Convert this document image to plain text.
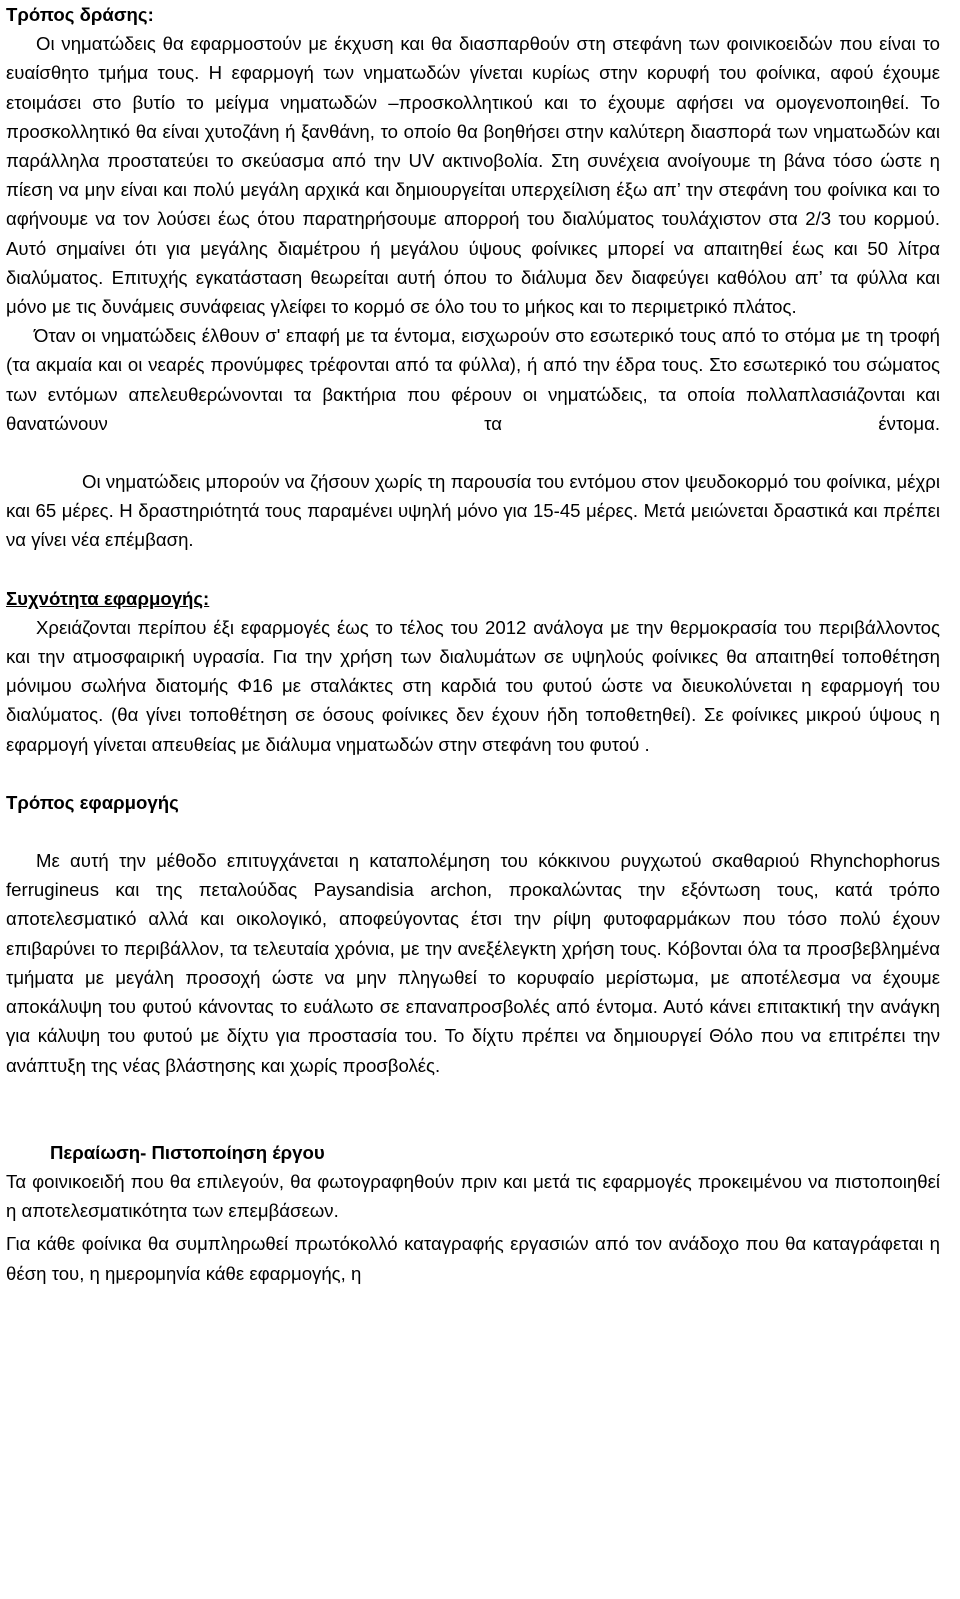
Τρόπος δράσης:

Οι νηματώδεις θα εφαρμοστούν με έκχυση και θα διασπαρθούν στη στεφάνη των φοινικοειδών που είναι το ευαίσθητο τμήμα τους. Η εφαρμογή των νηματωδών γίνεται κυρίως στην κορυφή του φοίνικα, αφού έχουμε ετοιμάσει στο βυτίο το μείγμα νηματωδών –προσκολλητικού και το έχουμε αφήσει να ομογενοποιηθεί. Το προσκολλητικό θα είναι χυτοζάνη ή ξανθάνη, το οποίο θα βοηθήσει στην καλύτερη διασπορά των νηματωδών και παράλληλα προστατεύει το σκεύασμα από την UV ακτινοβολία. Στη συνέχεια ανοίγουμε τη βάνα τόσο ώστε η πίεση να μην είναι και πολύ μεγάλη αρχικά και δημιουργείται υπερχείλιση έξω απ’ την στεφάνη του φοίνικα και το αφήνουμε να τον λούσει έως ότου παρατηρήσουμε απορροή του διαλύματος τουλάχιστον στα 2/3 του κορμού. Αυτό σημαίνει ότι για μεγάλης διαμέτρου ή μεγάλου ύψους φοίνικες μπορεί να απαιτηθεί έως και 50 λίτρα διαλύματος. Επιτυχής εγκατάσταση θεωρείται αυτή όπου το διάλυμα δεν διαφεύγει καθόλου απ’ τα φύλλα και μόνο με τις δυνάμεις συνάφειας γλείφει το κορμό σε όλο του το μήκος και το περιμετρικό πλάτος.

Όταν οι νηματώδεις έλθουν σ' επαφή με τα έντομα, εισχωρούν στο εσωτερικό τους από το στόμα με τη τροφή (τα ακμαία και οι νεαρές προνύμφες τρέφονται από τα φύλλα), ή από την έδρα τους. Στο εσωτερικό του σώματος των εντόμων απελευθερώνονται τα βακτήρια που φέρουν οι νηματώδεις, τα οποία πολλαπλασιάζονται και θανατώνουν τα έντομα.

Οι νηματώδεις μπορούν να ζήσουν χωρίς τη παρουσία του εντόμου στον ψευδοκορμό του φοίνικα, μέχρι και 65 μέρες. Η δραστηριότητά τους παραμένει υψηλή μόνο για 15-45 μέρες. Μετά μειώνεται δραστικά και πρέπει να γίνει νέα επέμβαση.

Συχνότητα εφαρμογής:

Χρειάζονται περίπου έξι εφαρμογές έως το τέλος του 2012 ανάλογα με την θερμοκρασία του περιβάλλοντος και την ατμοσφαιρική υγρασία. Για την χρήση των διαλυμάτων σε υψηλούς φοίνικες θα απαιτηθεί τοποθέτηση μόνιμου σωλήνα διατομής Φ16 με σταλάκτες στη καρδιά του φυτού ώστε να διευκολύνεται η εφαρμογή του διαλύματος. (θα γίνει τοποθέτηση σε όσους φοίνικες δεν έχουν ήδη τοποθετηθεί). Σε φοίνικες μικρού ύψους η εφαρμογή γίνεται απευθείας με διάλυμα νηματωδών στην στεφάνη του φυτού .

Τρόπος εφαρμογής

Με αυτή την μέθοδο επιτυγχάνεται η καταπολέμηση του κόκκινου ρυγχωτού σκαθαριού Rhynchophorus ferrugineus και της πεταλούδας Paysandisia archon, προκαλώντας την εξόντωση τους, κατά τρόπο αποτελεσματικό αλλά και οικολογικό, αποφεύγοντας έτσι την ρίψη φυτοφαρμάκων που τόσο πολύ έχουν επιβαρύνει το περιβάλλον, τα τελευταία χρόνια, με την ανεξέλεγκτη χρήση τους. Κόβονται όλα τα προσβεβλημένα τμήματα με μεγάλη προσοχή ώστε να μην πληγωθεί το κορυφαίο μερίστωμα, με αποτέλεσμα να έχουμε αποκάλυψη του φυτού κάνοντας το ευάλωτο σε επαναπροσβολές από έντομα. Αυτό κάνει επιτακτική την ανάγκη για κάλυψη του φυτού με δίχτυ για προστασία του. Το δίχτυ πρέπει να δημιουργεί Θόλο που να επιτρέπει την ανάπτυξη της νέας βλάστησης και χωρίς προσβολές.

Περαίωση- Πιστοποίηση έργου

Τα φοινικοειδή που θα επιλεγούν, θα φωτογραφηθούν πριν και μετά τις εφαρμογές προκειμένου να πιστοποιηθεί η αποτελεσματικότητα των επεμβάσεων.

Για κάθε φοίνικα θα συμπληρωθεί πρωτόκολλό καταγραφής εργασιών από τον ανάδοχο που θα καταγράφεται η θέση του, η ημερομηνία κάθε εφαρμογής, η
